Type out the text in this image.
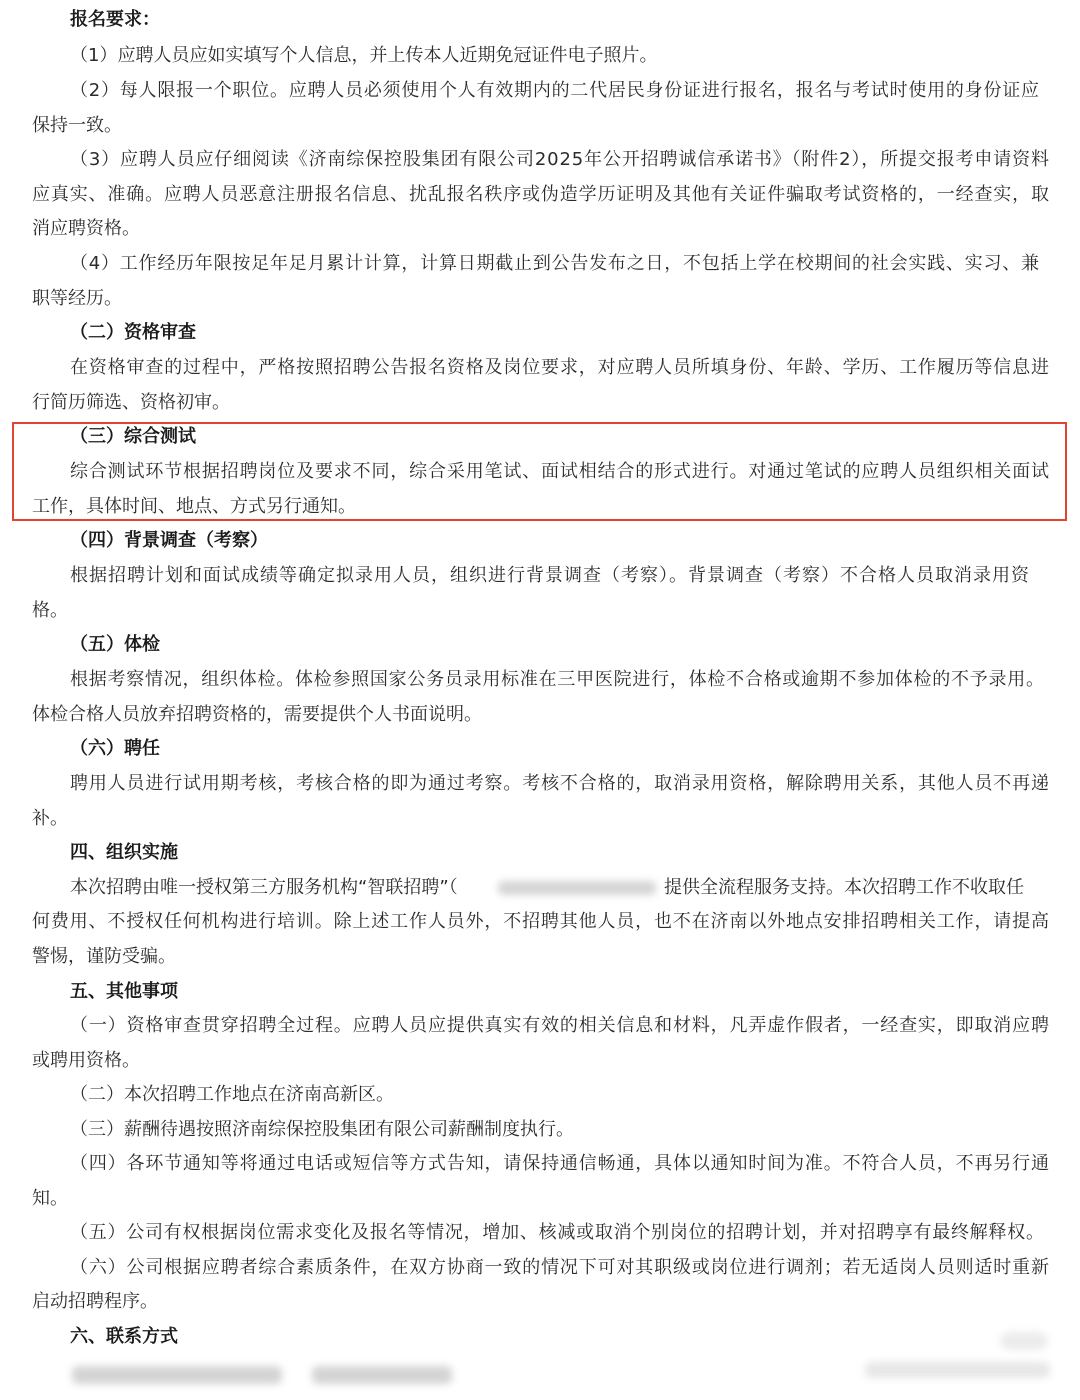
报名要求：
（1）应聘人员应如实填写个人信息，并上传本人近期免冠证件电子照片。
（2）每人限报一个职位。应聘人员必须使用个人有效期内的二代居民身份证进行报名，报名与考试时使用的身份证应
保持一致。
（3）应聘人员应仔细阅读《济南综保控股集团有限公司2025年公开招聘诚信承诺书》（附件2），所提交报考申请资料
应真实、准确。应聘人员恶意注册报名信息、扰乱报名秩序或伪造学历证明及其他有关证件骗取考试资格的，一经查实，取
消应聘资格。
（4）工作经历年限按足年足月累计计算，计算日期截止到公告发布之日，不包括上学在校期间的社会实践、实习、兼
职等经历。
（二）资格审查
在资格审查的过程中，严格按照招聘公告报名资格及岗位要求，对应聘人员所填身份、年龄、学历、工作履历等信息进
行简历筛选、资格初审。
（三）综合测试
综合测试环节根据招聘岗位及要求不同，综合采用笔试、面试相结合的形式进行。对通过笔试的应聘人员组织相关面试
工作，具体时间、地点、方式另行通知。
（四）背景调查（考察）
根据招聘计划和面试成绩等确定拟录用人员，组织进行背景调查（考察）。背景调查（考察）不合格人员取消录用资
格。
（五）体检
根据考察情况，组织体检。体检参照国家公务员录用标准在三甲医院进行，体检不合格或逾期不参加体检的不予录用。
体检合格人员放弃招聘资格的，需要提供个人书面说明。
（六）聘任
聘用人员进行试用期考核，考核合格的即为通过考察。考核不合格的，取消录用资格，解除聘用关系，其他人员不再递
补。
四、组织实施
本次招聘由唯一授权第三方服务机构“智联招聘”（	提供全流程服务支持。本次招聘工作不收取任
何费用、不授权任何机构进行培训。除上述工作人员外，不招聘其他人员，也不在济南以外地点安排招聘相关工作，请提高
警惕，谨防受骗。
五、其他事项
（一）资格审查贯穿招聘全过程。应聘人员应提供真实有效的相关信息和材料，凡弄虚作假者，一经查实，即取消应聘
或聘用资格。
（二）本次招聘工作地点在济南高新区。
（三）薪酬待遇按照济南综保控股集团有限公司薪酬制度执行。
（四）各环节通知等将通过电话或短信等方式告知，请保持通信畅通，具体以通知时间为准。不符合人员，不再另行通
知。
（五）公司有权根据岗位需求变化及报名等情况，增加、核减或取消个别岗位的招聘计划，并对招聘享有最终解释权。
（六）公司根据应聘者综合素质条件，在双方协商一致的情况下可对其职级或岗位进行调剂；若无适岗人员则适时重新
启动招聘程序。
六、联系方式
